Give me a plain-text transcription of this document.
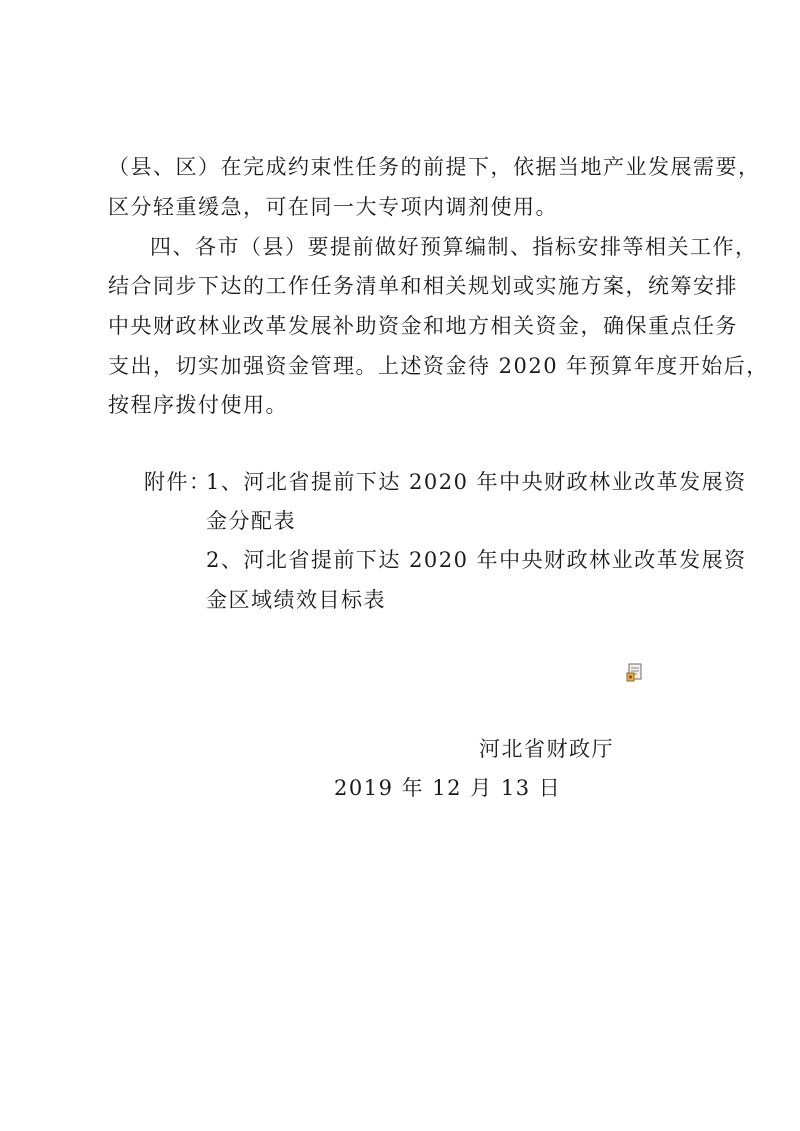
（县、区）在完成约束性任务的前提下，依据当地产业发展需要，
区分轻重缓急，可在同一大专项内调剂使用。
四、各市（县）要提前做好预算编制、指标安排等相关工作，
结合同步下达的工作任务清单和相关规划或实施方案，统筹安排
中央财政林业改革发展补助资金和地方相关资金，确保重点任务
支出，切实加强资金管理。上述资金待 2020 年预算年度开始后，
按程序拨付使用。
附件：
1、河北省提前下达 2020 年中央财政林业改革发展资
金分配表
2、河北省提前下达 2020 年中央财政林业改革发展资
金区域绩效目标表
河北省财政厅
2019 年 12 月 13 日
